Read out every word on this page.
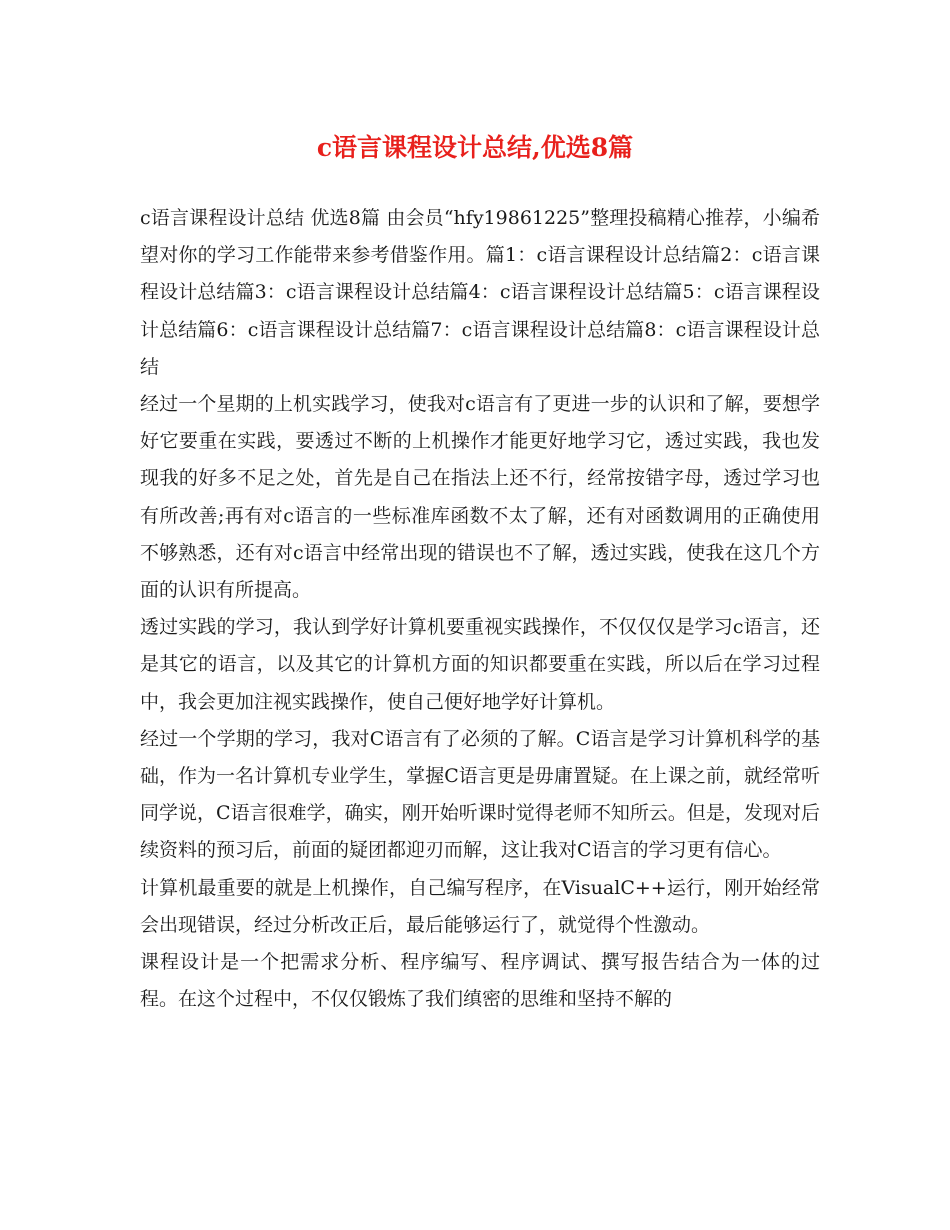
c语言课程设计总结,优选8篇

c语言课程设计总结 优选8篇 由会员“hfy19861225”整理投稿精心推荐，小编希望对你的学习工作能带来参考借鉴作用。篇1：c语言课程设计总结篇2：c语言课程设计总结篇3：c语言课程设计总结篇4：c语言课程设计总结篇5：c语言课程设计总结篇6：c语言课程设计总结篇7：c语言课程设计总结篇8：c语言课程设计总结

经过一个星期的上机实践学习，使我对c语言有了更进一步的认识和了解，要想学好它要重在实践，要透过不断的上机操作才能更好地学习它，透过实践，我也发现我的好多不足之处，首先是自己在指法上还不行，经常按错字母，透过学习也有所改善;再有对c语言的一些标准库函数不太了解，还有对函数调用的正确使用不够熟悉，还有对c语言中经常出现的错误也不了解，透过实践，使我在这几个方面的认识有所提高。

透过实践的学习，我认到学好计算机要重视实践操作，不仅仅仅是学习c语言，还是其它的语言，以及其它的计算机方面的知识都要重在实践，所以后在学习过程中，我会更加注视实践操作，使自己便好地学好计算机。

经过一个学期的学习，我对C语言有了必须的了解。C语言是学习计算机科学的基础，作为一名计算机专业学生，掌握C语言更是毋庸置疑。在上课之前，就经常听同学说，C语言很难学，确实，刚开始听课时觉得老师不知所云。但是，发现对后续资料的预习后，前面的疑团都迎刃而解，这让我对C语言的学习更有信心。

计算机最重要的就是上机操作，自己编写程序，在VisualC++运行，刚开始经常会出现错误，经过分析改正后，最后能够运行了，就觉得个性激动。

课程设计是一个把需求分析、程序编写、程序调试、撰写报告结合为一体的过程。在这个过程中，不仅仅锻炼了我们缜密的思维和坚持不解的
